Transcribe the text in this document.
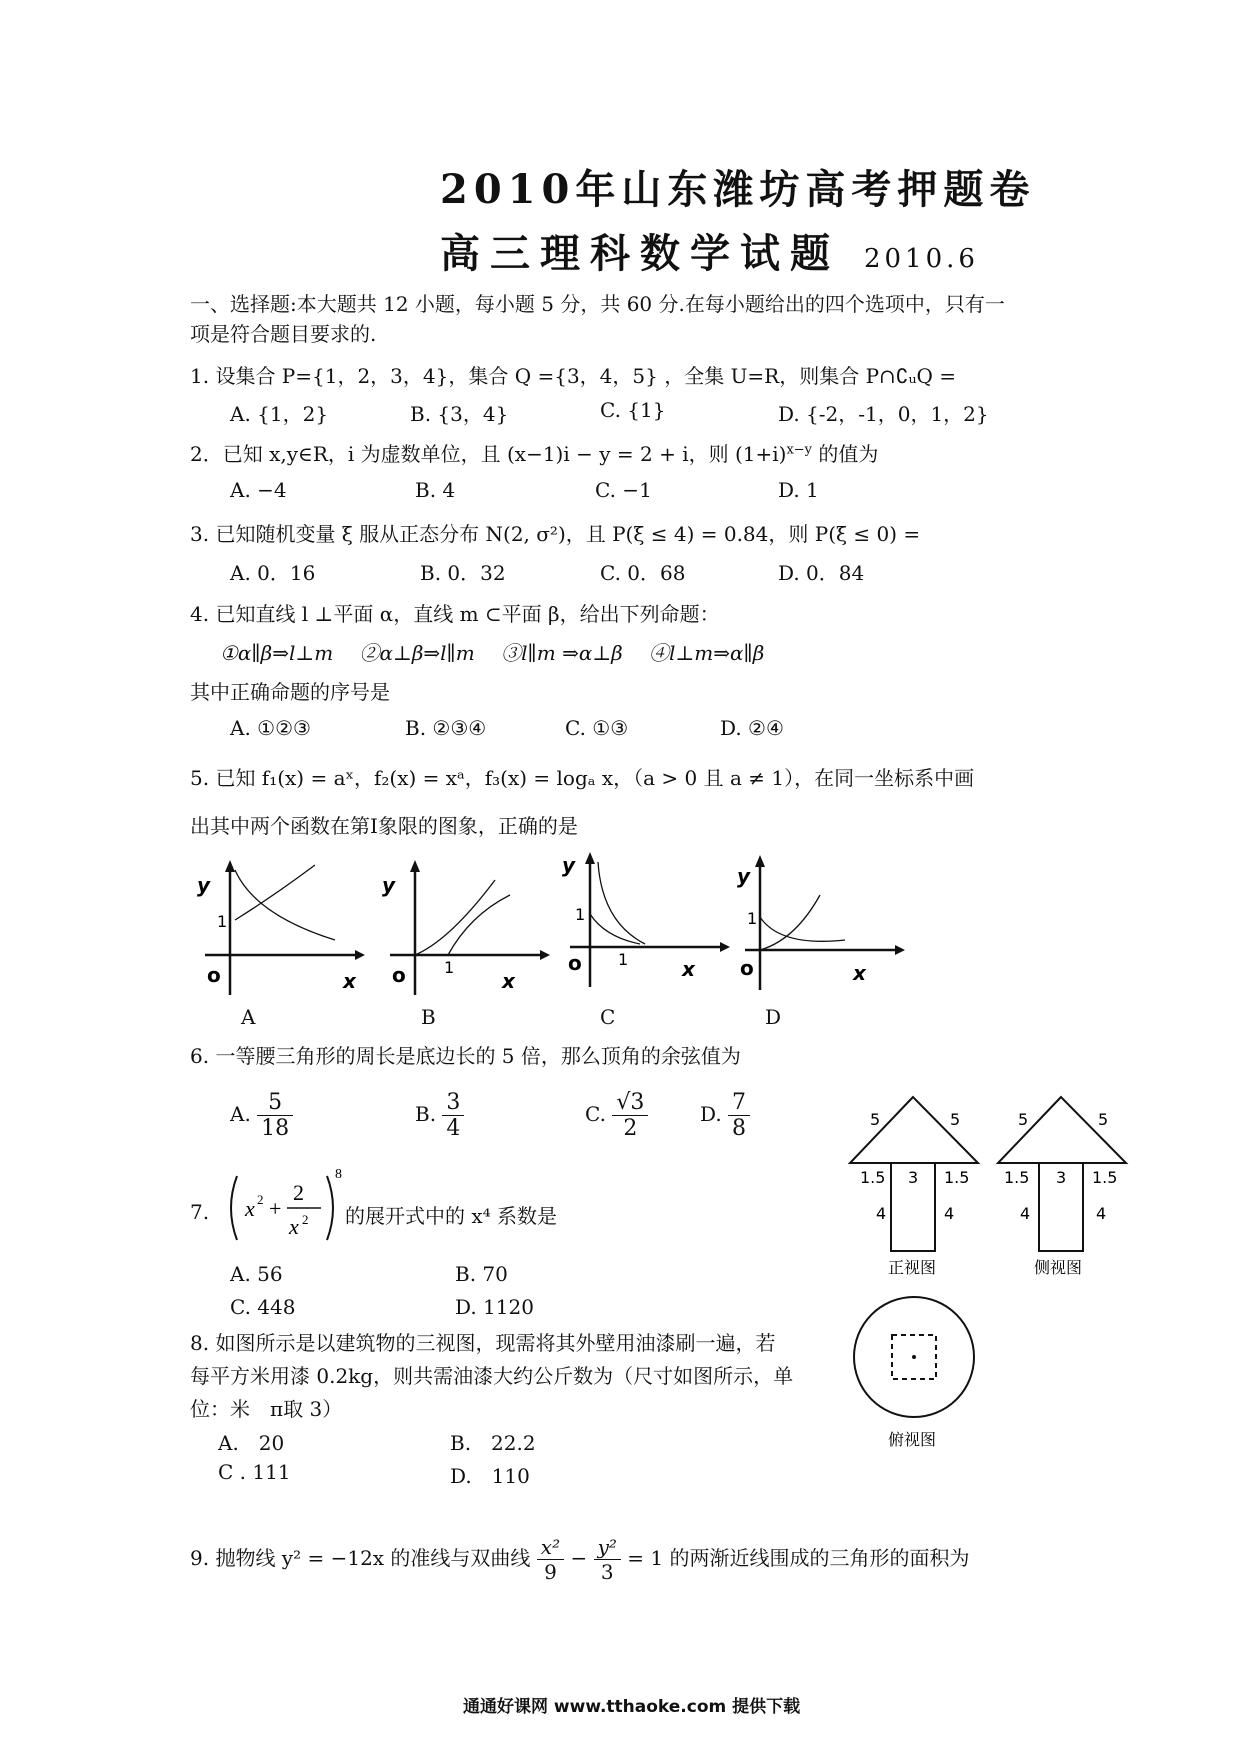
2010年山东潍坊高考押题卷
高三理科数学试题 2010.6
一、选择题:本大题共 12 小题，每小题 5 分，共 60 分.在每小题给出的四个选项中，只有一
项是符合题目要求的.
1. 设集合 P={1，2，3，4}，集合 Q ={3，4，5} ，全集 U=R，则集合 P∩∁ᵤQ =
A. {1，2}	B. {3，4}	C. {1}	D. {-2，-1，0，1，2}
2．已知 x,y∈R，i 为虚数单位，且 (x−1)i − y = 2 + i，则 $(1+i)^{x-y}$ 的值为
A. −4	B. 4	C. −1	D. 1
3. 已知随机变量 ξ 服从正态分布 N(2, σ²)，且 P(ξ ≤ 4) = 0.84，则 P(ξ ≤ 0) =
A. 0．16	B. 0．32	C. 0．68	D. 0．84
4. 已知直线 l ⊥平面 α，直线 m ⊂平面 β，给出下列命题：
①α∥β⇒l⊥m　 ②α⊥β⇒l∥m　 ③l∥m ⇒α⊥β　 ④l⊥m⇒α∥β
其中正确命题的序号是
A. ①②③	B. ②③④	C. ①③	D. ②④
5. 已知 f₁(x) = aˣ，f₂(x) = xᵃ，f₃(x) = logₐ x，（a > 0 且 a ≠ 1），在同一坐标系中画
出其中两个函数在第Ⅰ象限的图象，正确的是
y
1
o	x
A
y
1
o	x
B
y
1
1
o	x
C
y
1
o	x
D
6. 一等腰三角形的周长是底边长的 5 倍，那么顶角的余弦值为
A. $\frac{5}{18}$	B. $\frac{3}{4}$	C. $\frac{√3}{2}$	D. $\frac{7}{8}$
7. x 2 +
2
x 2
8
的展开式中的 x⁴ 系数是
A. 56	B. 70
C. 448	D. 1120
8. 如图所示是以建筑物的三视图，现需将其外壁用油漆刷一遍，若
每平方米用漆 0.2kg，则共需油漆大约公斤数为（尺寸如图所示，单
位：米　π取 3）
A.　20	B.　22.2
C . 111	D.　110
5	5
1.5 3 1.5
4	4
正视图
5	5
1.5 3 1.5
4	4
侧视图
俯视图
9. 抛物线 y² = −12x 的准线与双曲线 $\frac{\text{x²}}{9} - \frac{\text{y²}}{3} = 1$ 的两渐近线围成的三角形的面积为
通通好课网 www.tthaoke.com 提供下载
